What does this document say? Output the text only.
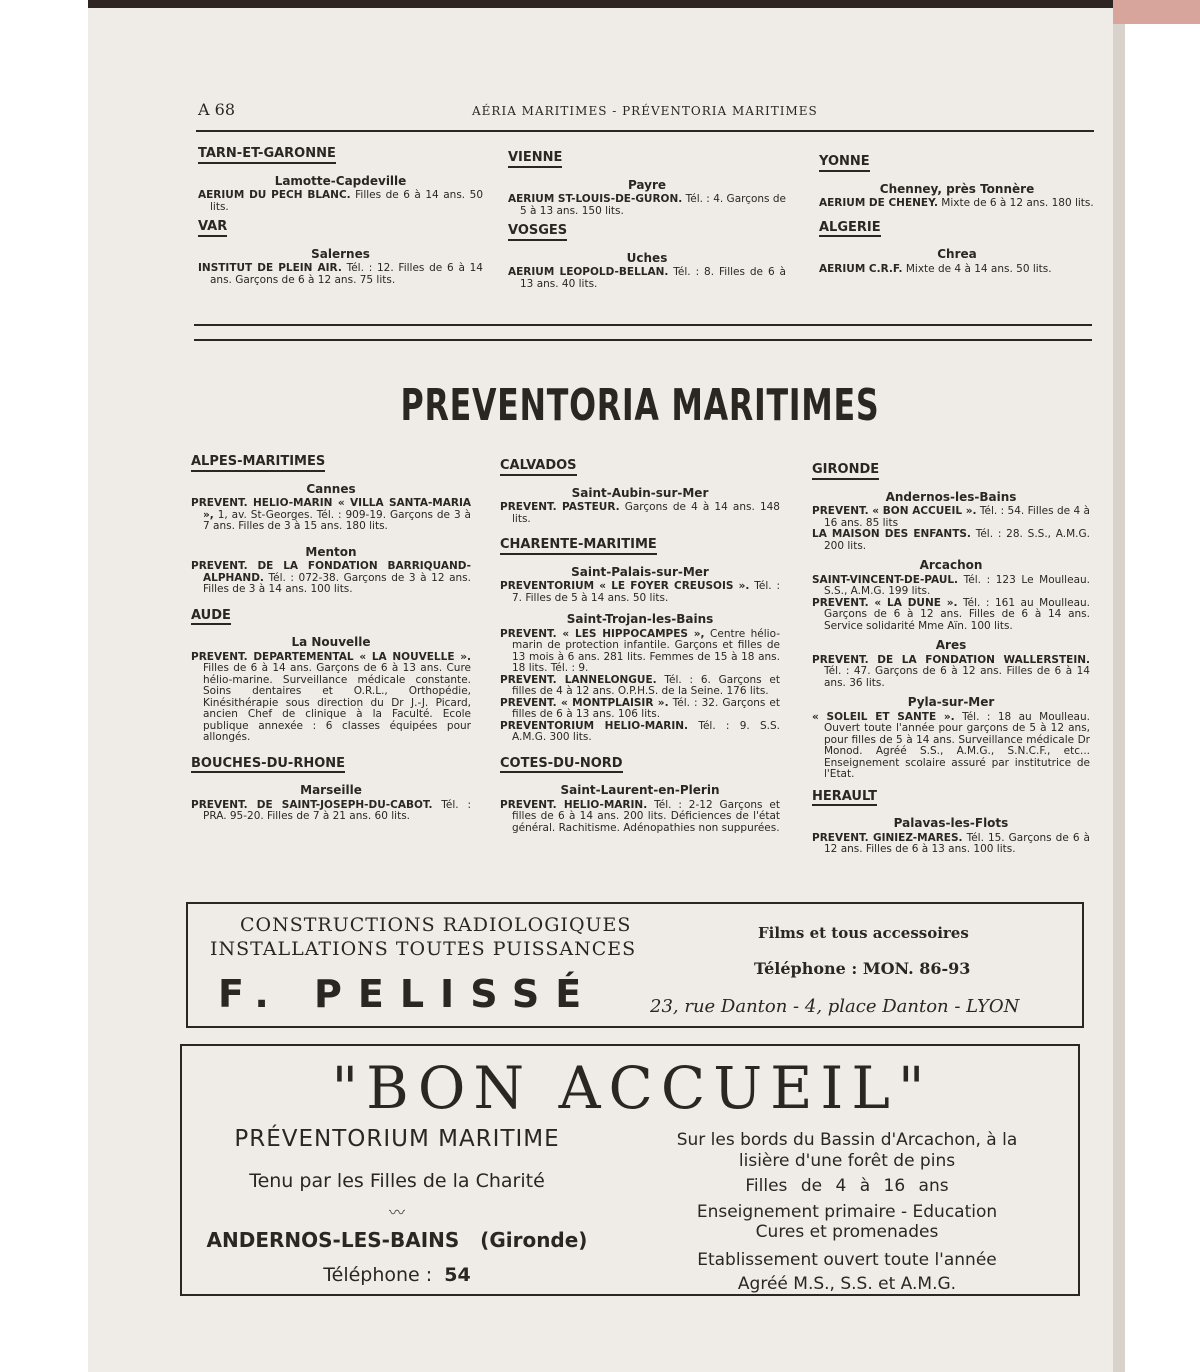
A 68	AÉRIA MARITIMES - PRÉVENTORIA MARITIMES
TARN-ET-GARONNE
Lamotte-Capdeville
AERIUM DU PECH BLANC. Filles de 6 à 14 ans. 50 lits.
VAR
Salernes
INSTITUT DE PLEIN AIR. Tél. : 12. Filles de 6 à 14 ans. Garçons de 6 à 12 ans. 75 lits.
VIENNE
Payre
AERIUM ST-LOUIS-DE-GURON. Tél. : 4. Garçons de 5 à 13 ans. 150 lits.
VOSGES
Uches
AERIUM LEOPOLD-BELLAN. Tél. : 8. Filles de 6 à 13 ans. 40 lits.
YONNE
Chenney, près Tonnère
AERIUM DE CHENEY. Mixte de 6 à 12 ans. 180 lits.
ALGERIE
Chrea
AERIUM C.R.F. Mixte de 4 à 14 ans. 50 lits.
PREVENTORIA MARITIMES
ALPES-MARITIMES
Cannes
PREVENT. HELIO-MARIN « VILLA SANTA-MARIA », 1, av. St-Georges. Tél. : 909-19. Garçons de 3 à 7 ans. Filles de 3 à 15 ans. 180 lits.
Menton
PREVENT. DE LA FONDATION BARRIQUAND-ALPHAND. Tél. : 072-38. Garçons de 3 à 12 ans. Filles de 3 à 14 ans. 100 lits.
AUDE
La Nouvelle
PREVENT. DEPARTEMENTAL « LA NOUVELLE ». Filles de 6 à 14 ans. Garçons de 6 à 13 ans. Cure hélio-marine. Surveillance médicale constante. Soins dentaires et O.R.L., Orthopédie, Kinésithérapie sous direction du Dr J.-J. Picard, ancien Chef de clinique à la Faculté. Ecole publique annexée : 6 classes équipées pour allongés.
BOUCHES-DU-RHONE
Marseille
PREVENT. DE SAINT-JOSEPH-DU-CABOT. Tél. : PRA. 95-20. Filles de 7 à 21 ans. 60 lits.
CALVADOS
Saint-Aubin-sur-Mer
PREVENT. PASTEUR. Garçons de 4 à 14 ans. 148 lits.
CHARENTE-MARITIME
Saint-Palais-sur-Mer
PREVENTORIUM « LE FOYER CREUSOIS ». Tél. : 7. Filles de 5 à 14 ans. 50 lits.
Saint-Trojan-les-Bains
PREVENT. « LES HIPPOCAMPES », Centre hélio-marin de protection infantile. Garçons et filles de 13 mois à 6 ans. 281 lits. Femmes de 15 à 18 ans. 18 lits. Tél. : 9.
PREVENT. LANNELONGUE. Tél. : 6. Garçons et filles de 4 à 12 ans. O.P.H.S. de la Seine. 176 lits.
PREVENT. « MONTPLAISIR ». Tél. : 32. Garçons et filles de 6 à 13 ans. 106 lits.
PREVENTORIUM HELIO-MARIN. Tél. : 9. S.S. A.M.G. 300 lits.
COTES-DU-NORD
Saint-Laurent-en-Plerin
PREVENT. HELIO-MARIN. Tél. : 2-12 Garçons et filles de 6 à 14 ans. 200 lits. Déficiences de l'état général. Rachitisme. Adénopathies non suppurées.
GIRONDE
Andernos-les-Bains
PREVENT. « BON ACCUEIL ». Tél. : 54. Filles de 4 à 16 ans. 85 lits
LA MAISON DES ENFANTS. Tél. : 28. S.S., A.M.G. 200 lits.
Arcachon
SAINT-VINCENT-DE-PAUL. Tél. : 123 Le Moulleau. S.S., A.M.G. 199 lits.
PREVENT. « LA DUNE ». Tél. : 161 au Moulleau. Garçons de 6 à 12 ans. Filles de 6 à 14 ans. Service solidarité Mme Aïn. 100 lits.
Ares
PREVENT. DE LA FONDATION WALLERSTEIN. Tél. : 47. Garçons de 6 à 12 ans. Filles de 6 à 14 ans. 36 lits.
Pyla-sur-Mer
« SOLEIL ET SANTE ». Tél. : 18 au Moulleau. Ouvert toute l'année pour garçons de 5 à 12 ans, pour filles de 5 à 14 ans. Surveillance médicale Dr Monod. Agréé S.S., A.M.G., S.N.C.F., etc... Enseignement scolaire assuré par institutrice de l'Etat.
HERAULT
Palavas-les-Flots
PREVENT. GINIEZ-MARES. Tél. 15. Garçons de 6 à 12 ans. Filles de 6 à 13 ans. 100 lits.
CONSTRUCTIONS RADIOLOGIQUES
INSTALLATIONS TOUTES PUISSANCES
F. PELISSÉ
Films et tous accessoires
Téléphone : MON. 86-93
23, rue Danton - 4, place Danton - LYON
"BON ACCUEIL"
PRÉVENTORIUM MARITIME
Tenu par les Filles de la Charité
〰
ANDERNOS-LES-BAINS (Gironde)
Téléphone : 54
Sur les bords du Bassin d'Arcachon, à la lisière d'une forêt de pins
Filles de 4 à 16 ans
Enseignement primaire - Education
Cures et promenades
Etablissement ouvert toute l'année
Agréé M.S., S.S. et A.M.G.
